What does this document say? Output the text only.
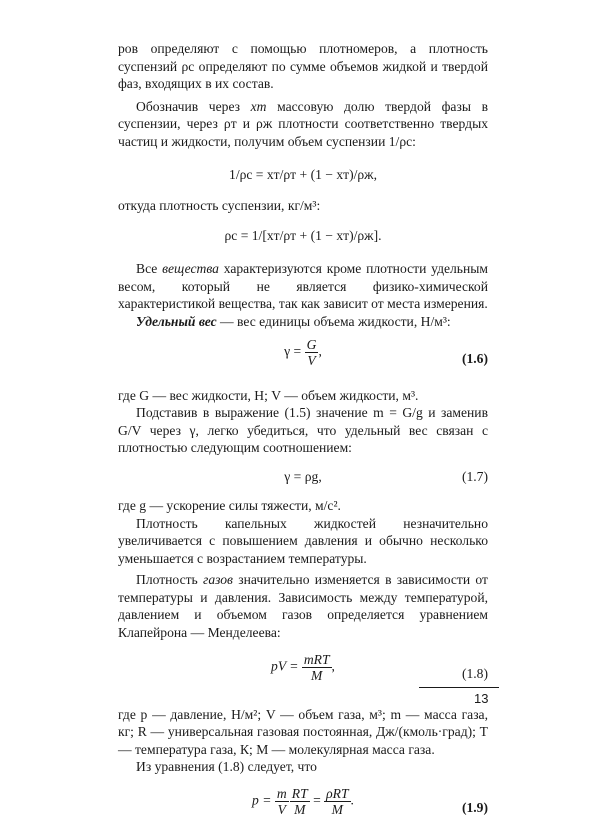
ров определяют с помощью плотномеров, а плотность суспензий ρс определяют по сумме объемов жидкой и твердой фаз, входящих в их состав.

Обозначив через xт массовую долю твердой фазы в суспензии, через ρт и ρж плотности соответственно твердых частиц и жидкости, получим объем суспензии 1/ρс:

1/ρс = xт/ρт + (1 − xт)/ρж,

откуда плотность суспензии, кг/м³:

ρс = 1/[xт/ρт + (1 − xт)/ρж].

Все вещества характеризуются кроме плотности удельным весом, который не является физико-химической характеристикой вещества, так как зависит от места измерения.

Удельный вес — вес единицы объема жидкости, Н/м³:

$\gamma = \frac{G}{V}$ ,	(1.6)

где G — вес жидкости, Н; V — объем жидкости, м³.

Подставив в выражение (1.5) значение m = G/g и заменив G/V через γ, легко убедиться, что удельный вес связан с плотностью следующим соотношением:

γ = ρg,	(1.7)

где g — ускорение силы тяжести, м/с².

Плотность капельных жидкостей незначительно увеличивается с повышением давления и обычно несколько уменьшается с возрастанием температуры.

Плотность газов значительно изменяется в зависимости от температуры и давления. Зависимость между температурой, давлением и объемом газов определяется уравнением Клапейрона — Менделеева:

pV = mRT
M
,	(1.8)

где p — давление, Н/м²; V — объем газа, м³; m — масса газа, кг; R — универсальная газовая постоянная, Дж/(кмоль·град); T — температура газа, К; M — молекулярная масса газа.

Из уравнения (1.8) следует, что

$p = \frac{m}{V}$
  $\frac{RT}{M} = \rho RT$
M
.	(1.9)
13
